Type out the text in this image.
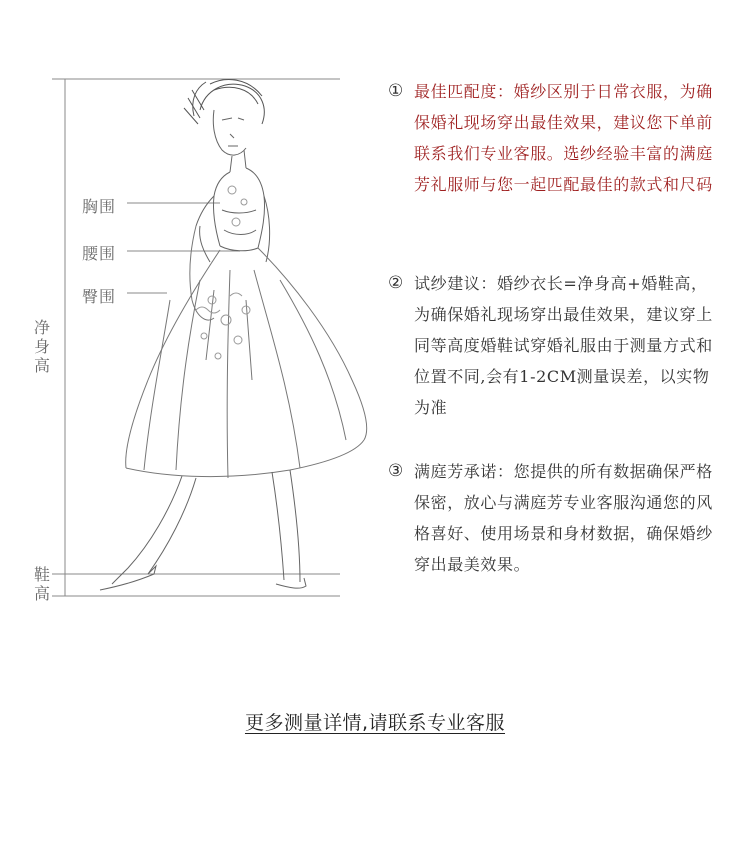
胸围
腰围
臀围
净身高
鞋高
① 最佳匹配度：婚纱区别于日常衣服，为确保婚礼现场穿出最佳效果，建议您下单前联系我们专业客服。选纱经验丰富的满庭芳礼服师与您一起匹配最佳的款式和尺码
② 试纱建议：婚纱衣长=净身高+婚鞋高，为确保婚礼现场穿出最佳效果，建议穿上同等高度婚鞋试穿婚礼服由于测量方式和位置不同,会有1-2CM测量误差，以实物为准
③ 满庭芳承诺：您提供的所有数据确保严格保密，放心与满庭芳专业客服沟通您的风格喜好、使用场景和身材数据，确保婚纱穿出最美效果。
更多测量详情,请联系专业客服
